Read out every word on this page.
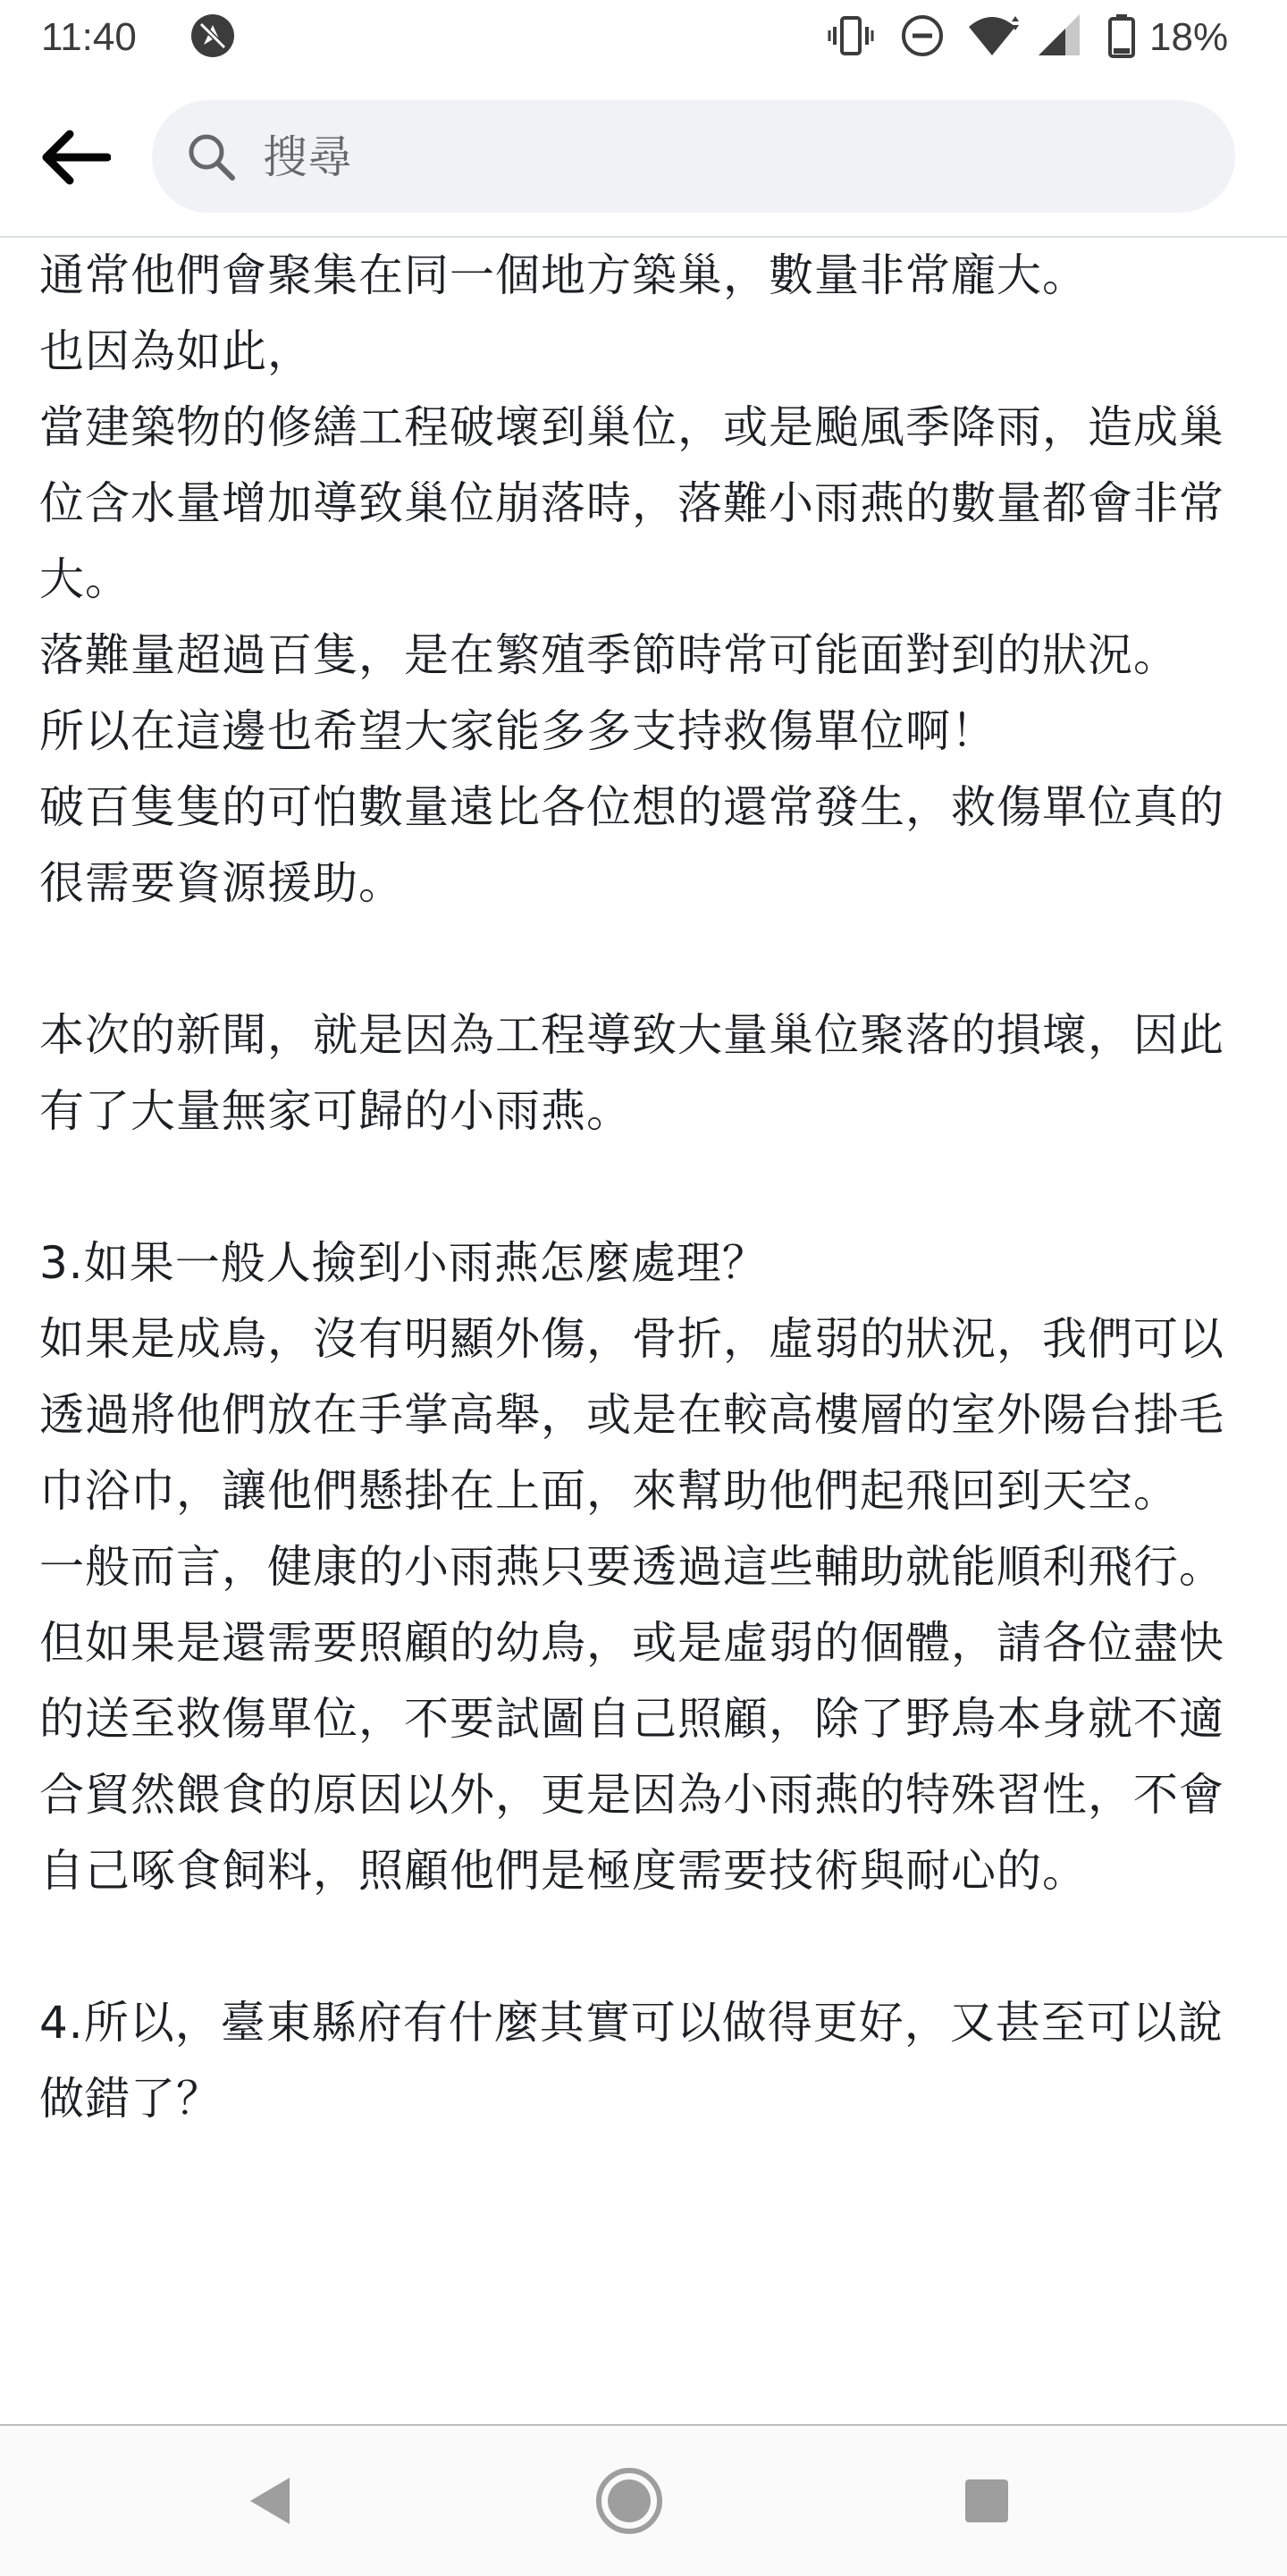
11:40	18%
搜尋

通常他們會聚集在同一個地方築巢，數量非常龐大。

也因為如此，

當建築物的修繕工程破壞到巢位，或是颱風季降雨，造成巢位含水量增加導致巢位崩落時，落難小雨燕的數量都會非常大。

落難量超過百隻，是在繁殖季節時常可能面對到的狀況。

所以在這邊也希望大家能多多支持救傷單位啊！

破百隻隻的可怕數量遠比各位想的還常發生，救傷單位真的很需要資源援助。

本次的新聞，就是因為工程導致大量巢位聚落的損壞，因此有了大量無家可歸的小雨燕。

3.如果一般人撿到小雨燕怎麼處理？

如果是成鳥，沒有明顯外傷，骨折，虛弱的狀況，我們可以透過將他們放在手掌高舉，或是在較高樓層的室外陽台掛毛巾浴巾，讓他們懸掛在上面，來幫助他們起飛回到天空。

一般而言，健康的小雨燕只要透過這些輔助就能順利飛行。

但如果是還需要照顧的幼鳥，或是虛弱的個體，請各位盡快的送至救傷單位，不要試圖自己照顧，除了野鳥本身就不適合貿然餵食的原因以外，更是因為小雨燕的特殊習性，不會自己啄食飼料，照顧他們是極度需要技術與耐心的。

4.所以，臺東縣府有什麼其實可以做得更好，又甚至可以說做錯了？
